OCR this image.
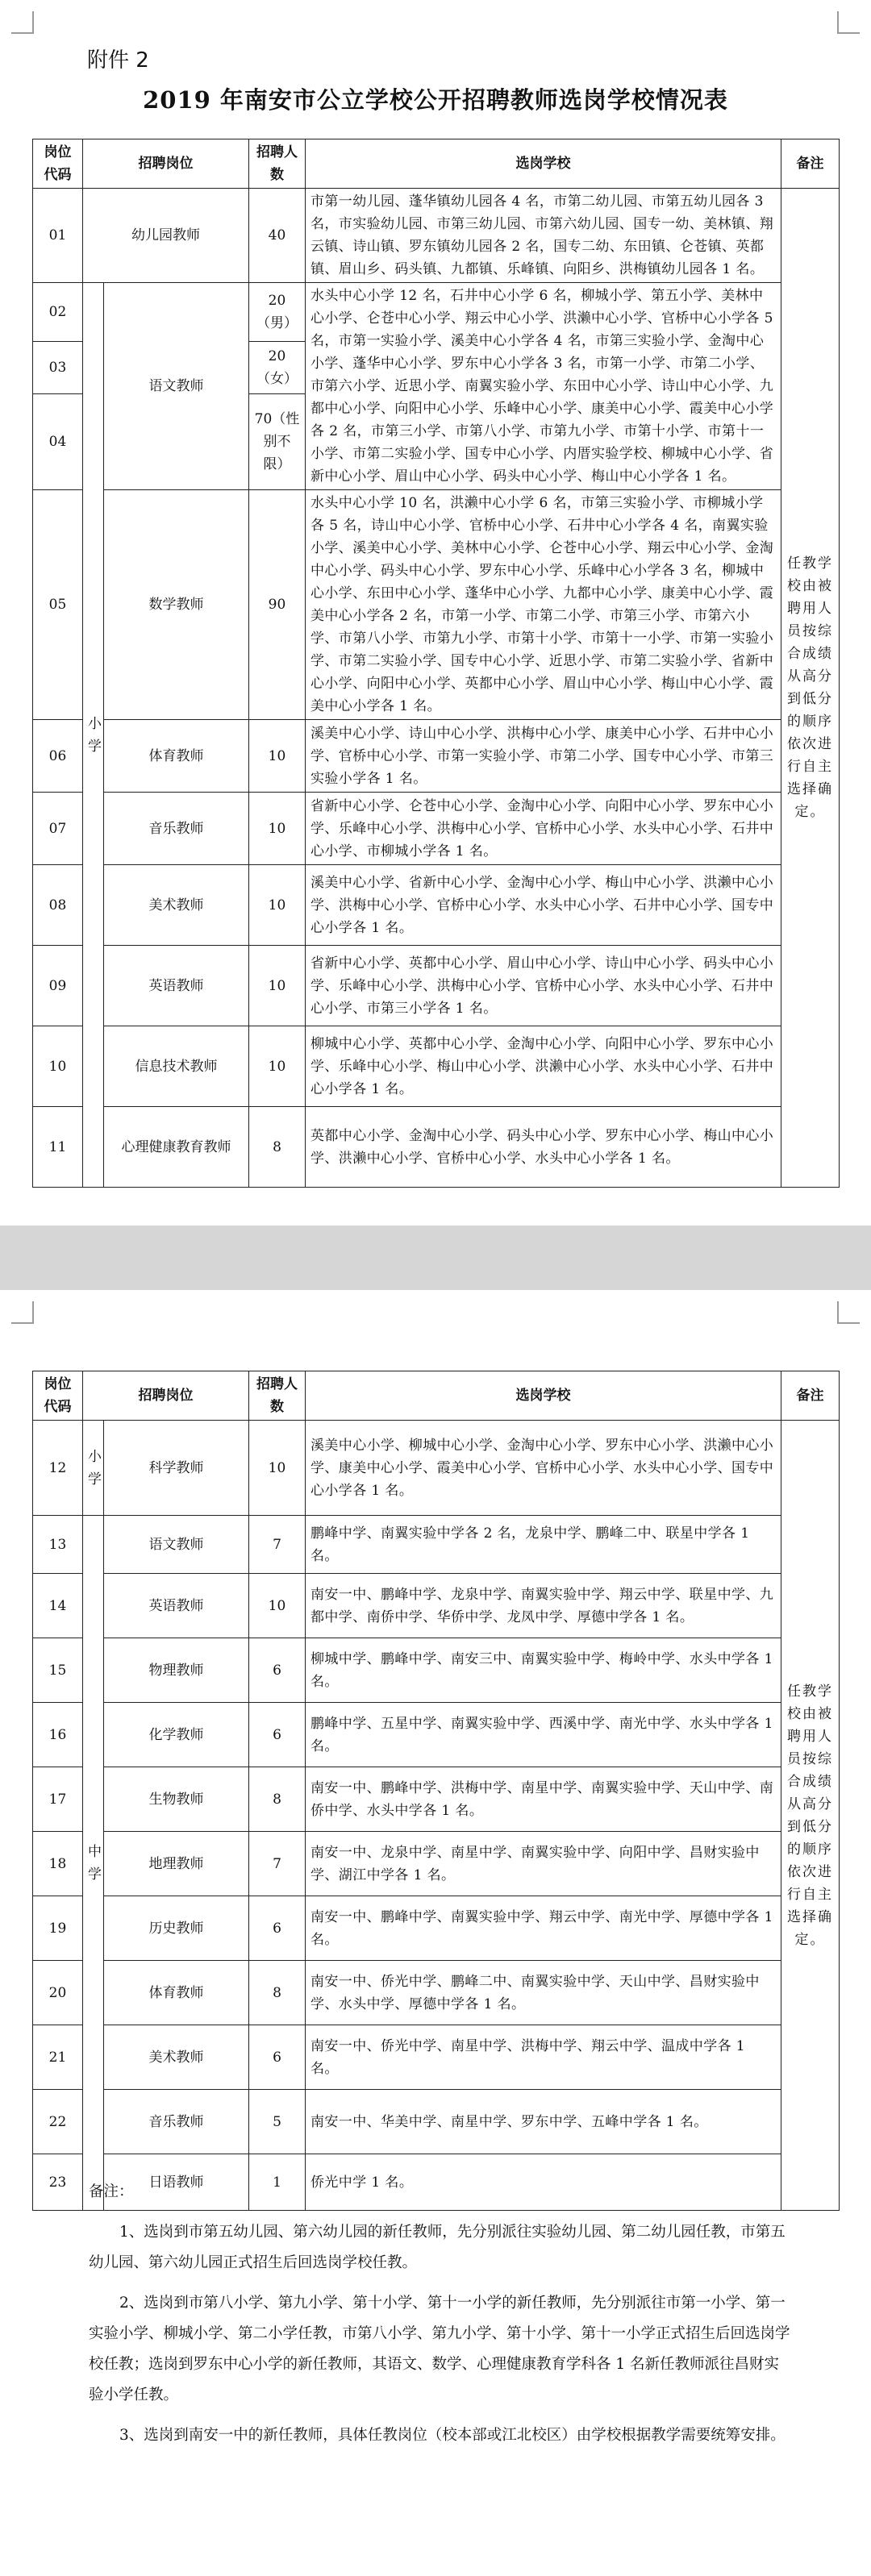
附件 2
2019 年南安市公立学校公开招聘教师选岗学校情况表
岗位代码	招聘岗位		招聘人数	选岗学校	备注
01	幼儿园教师		40	市第一幼儿园、蓬华镇幼儿园各 4 名，市第二幼儿园、市第五幼儿园各 3 名，市实验幼儿园、市第三幼儿园、市第六幼儿园、国专一幼、美林镇、翔云镇、诗山镇、罗东镇幼儿园各 2 名，国专二幼、东田镇、仑苍镇、英都镇、眉山乡、码头镇、九都镇、乐峰镇、向阳乡、洪梅镇幼儿园各 1 名。	任教学校由被聘用人员按综合成绩从高分到低分的顺序依次进行自主选择确定。
02	小学	语文教师	20（男）	水头中心小学 12 名，石井中心小学 6 名，柳城小学、第五小学、美林中心小学、仑苍中心小学、翔云中心小学、洪濑中心小学、官桥中心小学各 5 名，市第一实验小学、溪美中心小学各 4 名，市第三实验小学、金淘中心小学、蓬华中心小学、罗东中心小学各 3 名，市第一小学、市第二小学、市第六小学、近思小学、南翼实验小学、东田中心小学、诗山中心小学、九都中心小学、向阳中心小学、乐峰中心小学、康美中心小学、霞美中心小学各 2 名，市第三小学、市第八小学、市第九小学、市第十小学、市第十一小学、市第二实验小学、国专中心小学、内厝实验学校、柳城中心小学、省新中心小学、眉山中心小学、码头中心小学、梅山中心小学各 1 名。	
03			20（女）		
04			70（性别不限）		
05		数学教师	90	水头中心小学 10 名，洪濑中心小学 6 名，市第三实验小学、市柳城小学各 5 名，诗山中心小学、官桥中心小学、石井中心小学各 4 名，南翼实验小学、溪美中心小学、美林中心小学、仑苍中心小学、翔云中心小学、金淘中心小学、码头中心小学、罗东中心小学、乐峰中心小学各 3 名，柳城中心小学、东田中心小学、蓬华中心小学、九都中心小学、康美中心小学、霞美中心小学各 2 名，市第一小学、市第二小学、市第三小学、市第六小学、市第八小学、市第九小学、市第十小学、市第十一小学、市第一实验小学、市第二实验小学、国专中心小学、近思小学、市第二实验小学、省新中心小学、向阳中心小学、英都中心小学、眉山中心小学、梅山中心小学、霞美中心小学各 1 名。	
06		体育教师	10	溪美中心小学、诗山中心小学、洪梅中心小学、康美中心小学、石井中心小学、官桥中心小学、市第一实验小学、市第二小学、国专中心小学、市第三实验小学各 1 名。	
07		音乐教师	10	省新中心小学、仑苍中心小学、金淘中心小学、向阳中心小学、罗东中心小学、乐峰中心小学、洪梅中心小学、官桥中心小学、水头中心小学、石井中心小学、市柳城小学各 1 名。	
08		美术教师	10	溪美中心小学、省新中心小学、金淘中心小学、梅山中心小学、洪濑中心小学、洪梅中心小学、官桥中心小学、水头中心小学、石井中心小学、国专中心小学各 1 名。	
09		英语教师	10	省新中心小学、英都中心小学、眉山中心小学、诗山中心小学、码头中心小学、乐峰中心小学、洪梅中心小学、官桥中心小学、水头中心小学、石井中心小学、市第三小学各 1 名。	
10		信息技术教师	10	柳城中心小学、英都中心小学、金淘中心小学、向阳中心小学、罗东中心小学、乐峰中心小学、梅山中心小学、洪濑中心小学、水头中心小学、石井中心小学各 1 名。	
11		心理健康教育教师	8	英都中心小学、金淘中心小学、码头中心小学、罗东中心小学、梅山中心小学、洪濑中心小学、官桥中心小学、水头中心小学各 1 名。	
岗位代码	招聘岗位		招聘人数	选岗学校	备注
12	小学	科学教师	10	溪美中心小学、柳城中心小学、金淘中心小学、罗东中心小学、洪濑中心小学、康美中心小学、霞美中心小学、官桥中心小学、水头中心小学、国专中心小学各 1 名。	任教学校由被聘用人员按综合成绩从高分到低分的顺序依次进行自主选择确定。
13	中学	语文教师	7	鹏峰中学、南翼实验中学各 2 名，龙泉中学、鹏峰二中、联星中学各 1 名。	
14		英语教师	10	南安一中、鹏峰中学、龙泉中学、南翼实验中学、翔云中学、联星中学、九都中学、南侨中学、华侨中学、龙凤中学、厚德中学各 1 名。	
15		物理教师	6	柳城中学、鹏峰中学、南安三中、南翼实验中学、梅岭中学、水头中学各 1 名。	
16		化学教师	6	鹏峰中学、五星中学、南翼实验中学、西溪中学、南光中学、水头中学各 1 名。	
17		生物教师	8	南安一中、鹏峰中学、洪梅中学、南星中学、南翼实验中学、天山中学、南侨中学、水头中学各 1 名。	
18		地理教师	7	南安一中、龙泉中学、南星中学、南翼实验中学、向阳中学、昌财实验中学、湖江中学各 1 名。	
19		历史教师	6	南安一中、鹏峰中学、南翼实验中学、翔云中学、南光中学、厚德中学各 1 名。	
20		体育教师	8	南安一中、侨光中学、鹏峰二中、南翼实验中学、天山中学、昌财实验中学、水头中学、厚德中学各 1 名。	
21		美术教师	6	南安一中、侨光中学、南星中学、洪梅中学、翔云中学、温成中学各 1 名。	
22		音乐教师	5	南安一中、华美中学、南星中学、罗东中学、五峰中学各 1 名。	
23		日语教师	1	侨光中学 1 名。	

备注：

1、选岗到市第五幼儿园、第六幼儿园的新任教师，先分别派往实验幼儿园、第二幼儿园任教，市第五幼儿园、第六幼儿园正式招生后回选岗学校任教。

2、选岗到市第八小学、第九小学、第十小学、第十一小学的新任教师，先分别派往市第一小学、第一实验小学、柳城小学、第二小学任教，市第八小学、第九小学、第十小学、第十一小学正式招生后回选岗学校任教；选岗到罗东中心小学的新任教师，其语文、数学、心理健康教育学科各 1 名新任教师派往昌财实验小学任教。

3、选岗到南安一中的新任教师，具体任教岗位（校本部或江北校区）由学校根据教学需要统筹安排。
